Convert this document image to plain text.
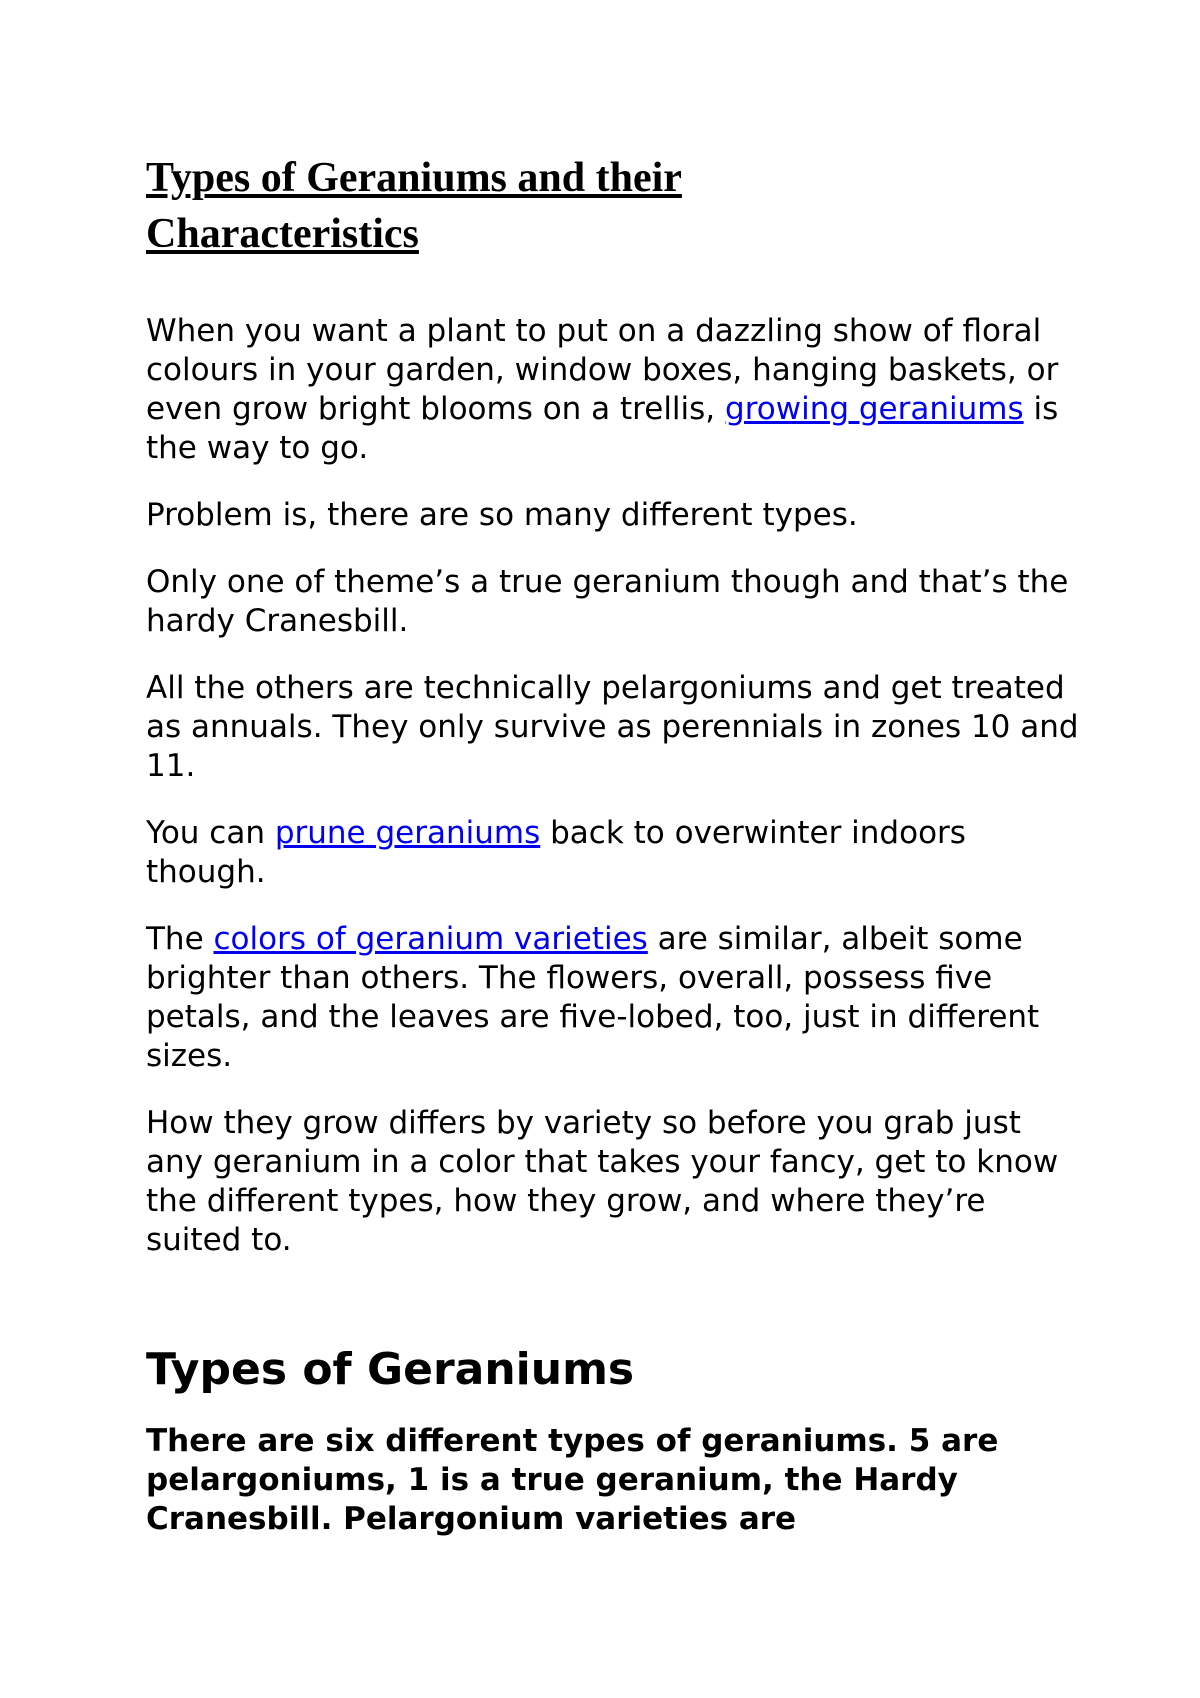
Types of Geraniums and their Characteristics

When you want a plant to put on a dazzling show of floral colours in your garden, window boxes, hanging baskets, or even grow bright blooms on a trellis, growing geraniums is the way to go.

Problem is, there are so many different types.

Only one of theme’s a true geranium though and that’s the hardy Cranesbill.

All the others are technically pelargoniums and get treated as annuals. They only survive as perennials in zones 10 and 11.

You can prune geraniums back to overwinter indoors though.

The colors of geranium varieties are similar, albeit some brighter than others. The flowers, overall, possess five petals, and the leaves are five-lobed, too, just in different sizes.

How they grow differs by variety so before you grab just any geranium in a color that takes your fancy, get to know the different types, how they grow, and where they’re suited to.

Types of Geraniums

There are six different types of geraniums. 5 are pelargoniums, 1 is a true geranium, the Hardy Cranesbill. Pelargonium varieties are
